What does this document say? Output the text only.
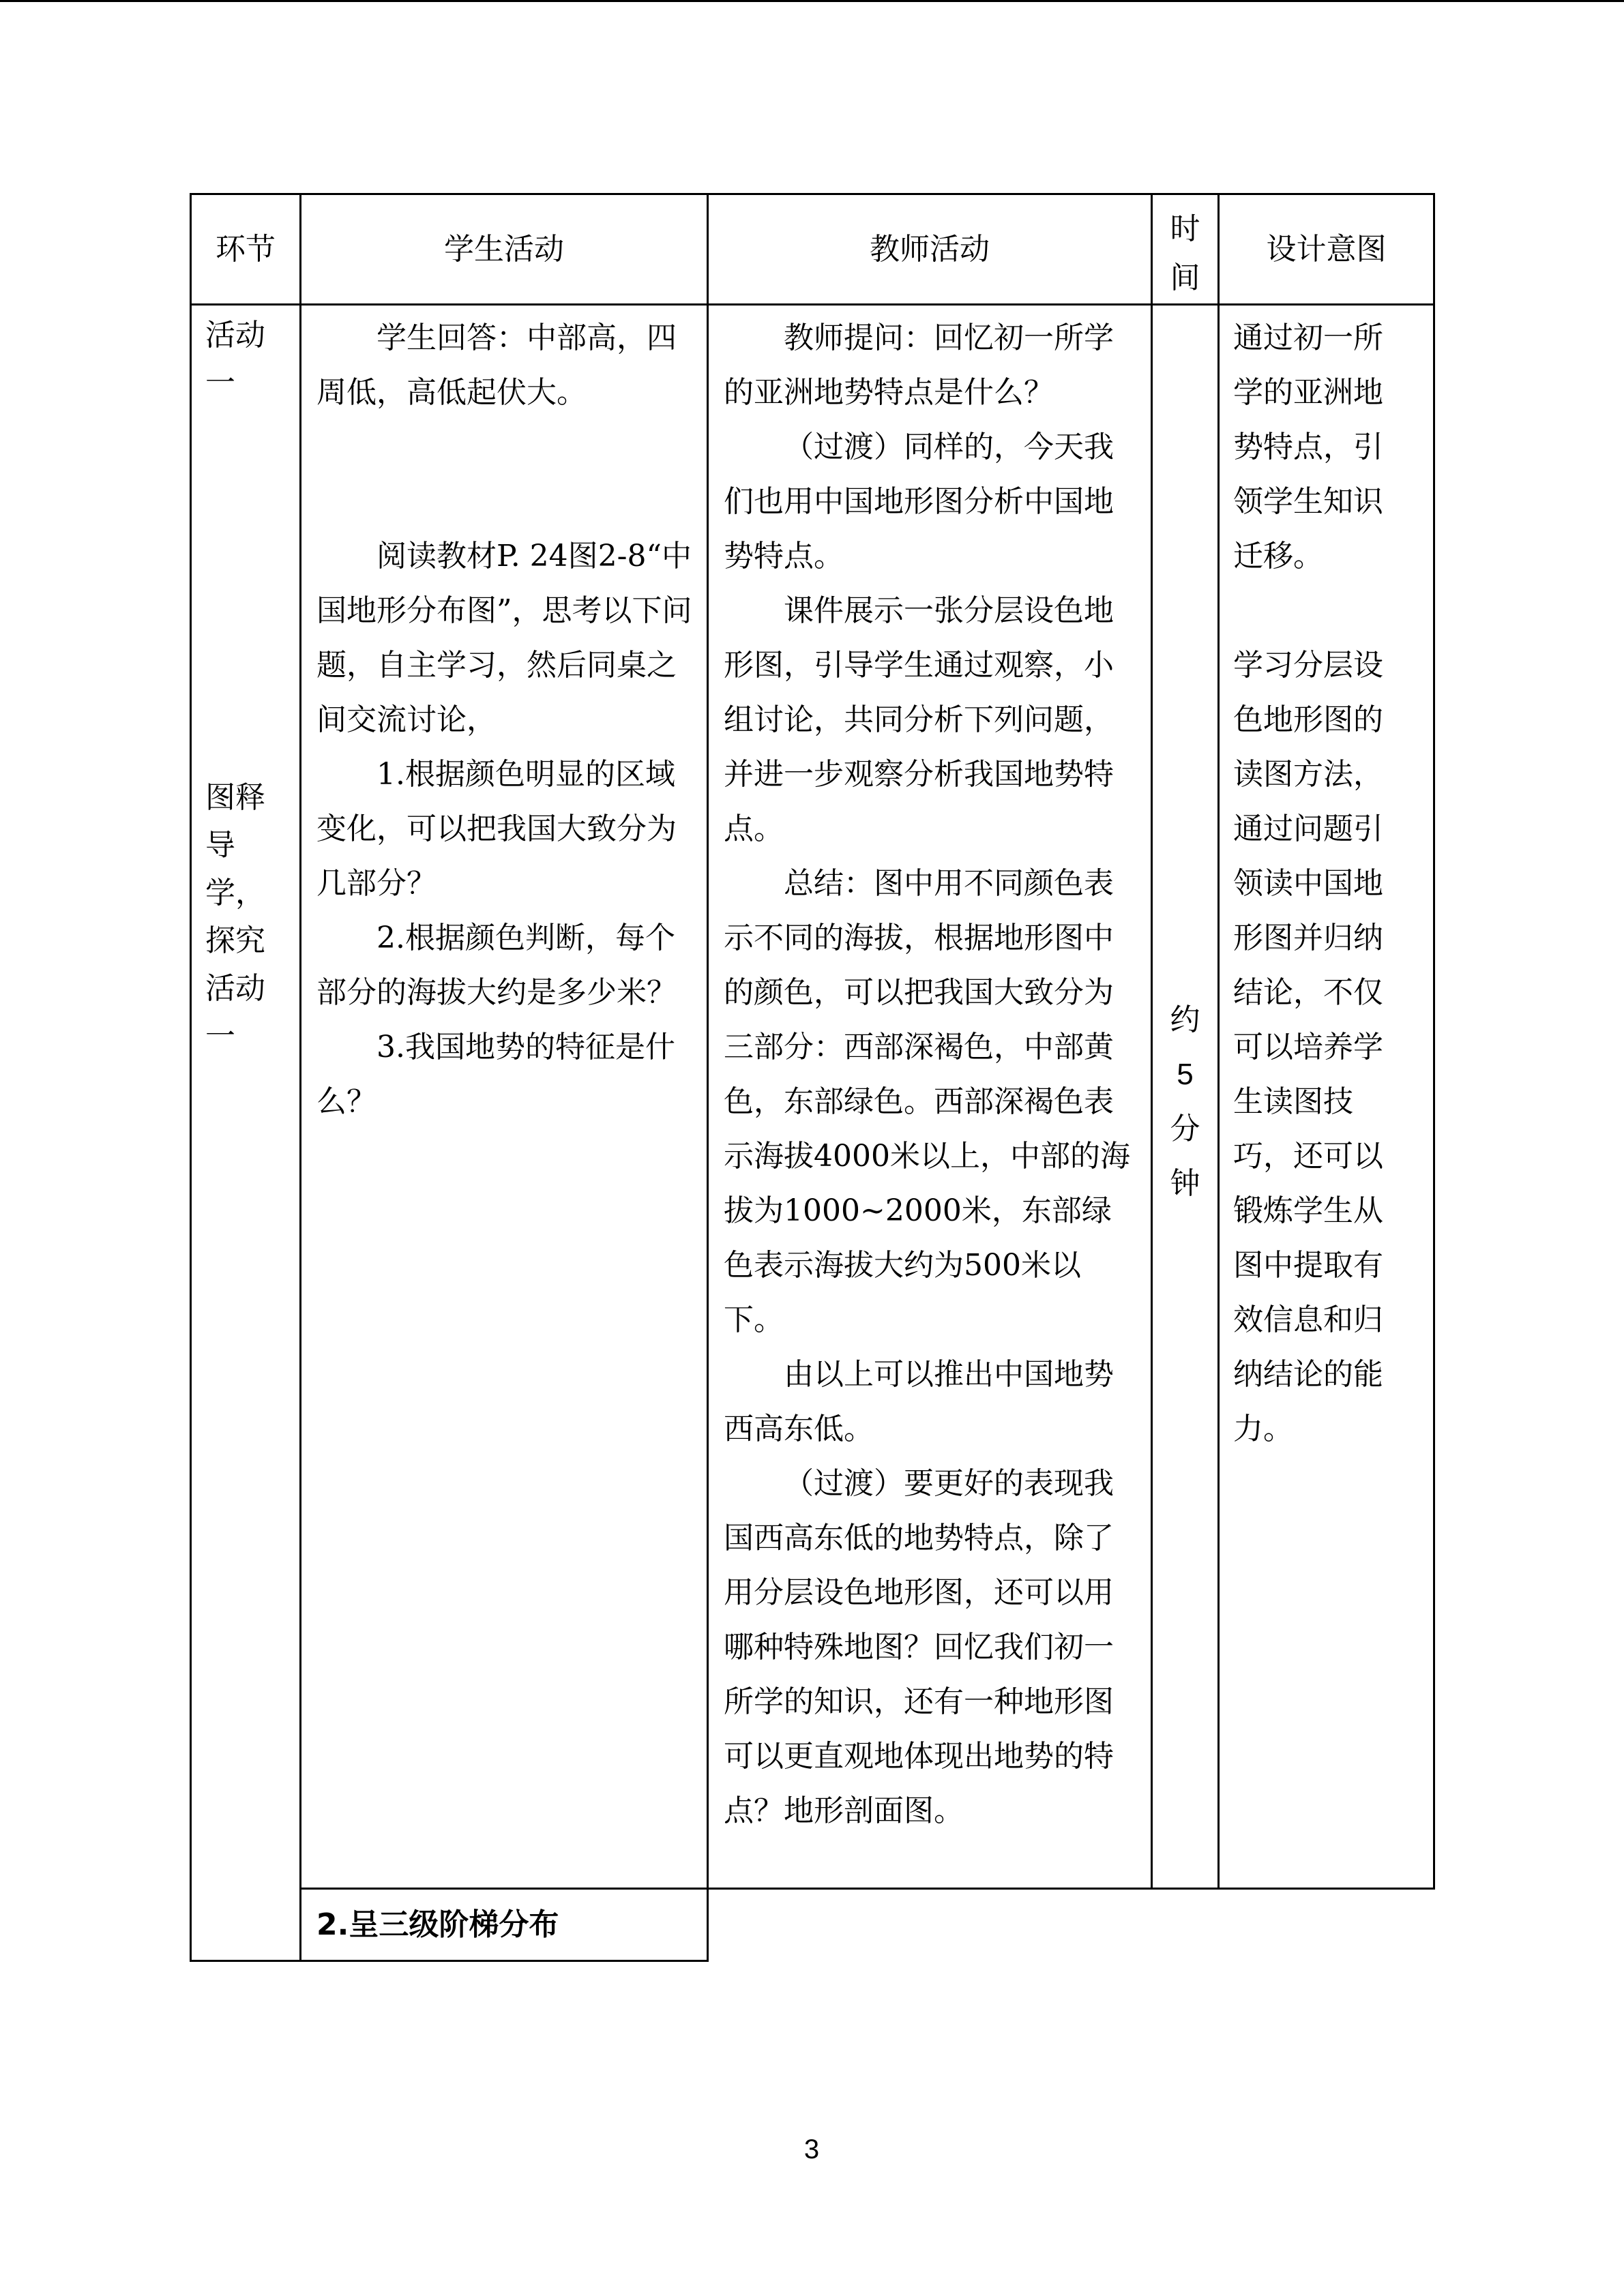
环节	学生活动	教师活动
时
间
设计意图
活动
一
图释
导
学，
探究
活动
一

学生回答：中部高，四周低，高低起伏大。

阅读教材P. 24图2-8“中国地形分布图”，思考以下问题，自主学习，然后同桌之间交流讨论，

1.根据颜色明显的区域变化，可以把我国大致分为几部分？

2.根据颜色判断，每个部分的海拔大约是多少米？

3.我国地势的特征是什么？

教师提问：回忆初一所学的亚洲地势特点是什么？

（过渡）同样的，今天我们也用中国地形图分析中国地势特点。

课件展示一张分层设色地形图，引导学生通过观察，小组讨论，共同分析下列问题，并进一步观察分析我国地势特点。

总结：图中用不同颜色表示不同的海拔，根据地形图中的颜色，可以把我国大致分为三部分：西部深褐色，中部黄色，东部绿色。西部深褐色表示海拔4000米以上，中部的海拔为1000~2000米，东部绿色表示海拔大约为500米以下。

由以上可以推出中国地势西高东低。

（过渡）要更好的表现我国西高东低的地势特点，除了用分层设色地形图，还可以用哪种特殊地图？回忆我们初一所学的知识，还有一种地形图可以更直观地体现出地势的特点？地形剖面图。

约
5
分
钟

通过初一所学的亚洲地势特点，引领学生知识迁移。

学习分层设色地形图的读图方法，通过问题引领读中国地形图并归纳结论，不仅可以培养学生读图技巧，还可以锻炼学生从图中提取有效信息和归纳结论的能力。

2.呈三级阶梯分布
3
